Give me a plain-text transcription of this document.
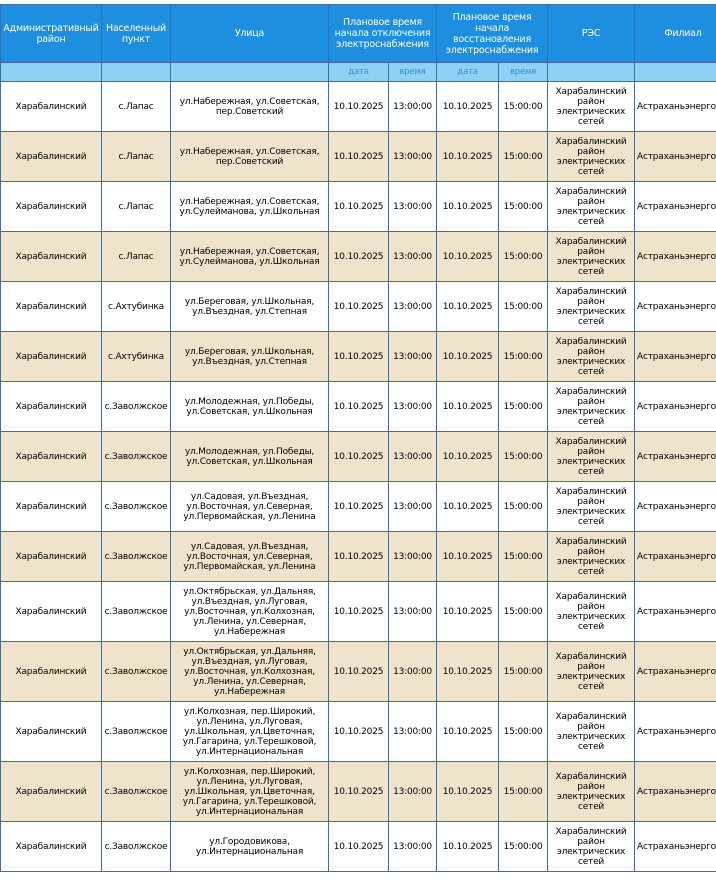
Административный район	Населенный пункт	Улица	Плановое время начала отключения электроснабжения		Плановое время начала восстановления электроснабжения		РЭС	Филиал
			дата	время	дата	время		
Харабалинский	с.Лапас	ул.Набережная, ул.Советская, пер.Советский	10.10.2025	13:00:00	10.10.2025	15:00:00	Харабалинский район электрических сетей	Астраханьэнерго
Харабалинский	с.Лапас	ул.Набережная, ул.Советская, пер.Советский	10.10.2025	13:00:00	10.10.2025	15:00:00	Харабалинский район электрических сетей	Астраханьэнерго
Харабалинский	с.Лапас	ул.Набережная, ул.Советская, ул.Сулейманова, ул.Школьная	10.10.2025	13:00:00	10.10.2025	15:00:00	Харабалинский район электрических сетей	Астраханьэнерго
Харабалинский	с.Лапас	ул.Набережная, ул.Советская, ул.Сулейманова, ул.Школьная	10.10.2025	13:00:00	10.10.2025	15:00:00	Харабалинский район электрических сетей	Астраханьэнерго
Харабалинский	с.Ахтубинка	ул.Береговая, ул.Школьная, ул.Въездная, ул.Степная	10.10.2025	13:00:00	10.10.2025	15:00:00	Харабалинский район электрических сетей	Астраханьэнерго
Харабалинский	с.Ахтубинка	ул.Береговая, ул.Школьная, ул.Въездная, ул.Степная	10.10.2025	13:00:00	10.10.2025	15:00:00	Харабалинский район электрических сетей	Астраханьэнерго
Харабалинский	с.Заволжское	ул.Молодежная, ул.Победы, ул.Советская, ул.Школьная	10.10.2025	13:00:00	10.10.2025	15:00:00	Харабалинский район электрических сетей	Астраханьэнерго
Харабалинский	с.Заволжское	ул.Молодежная, ул.Победы, ул.Советская, ул.Школьная	10.10.2025	13:00:00	10.10.2025	15:00:00	Харабалинский район электрических сетей	Астраханьэнерго
Харабалинский	с.Заволжское	ул.Садовая, ул.Въездная, ул.Восточная, ул.Северная, ул.Первомайская, ул.Ленина	10.10.2025	13:00:00	10.10.2025	15:00:00	Харабалинский район электрических сетей	Астраханьэнерго
Харабалинский	с.Заволжское	ул.Садовая, ул.Въездная, ул.Восточная, ул.Северная, ул.Первомайская, ул.Ленина	10.10.2025	13:00:00	10.10.2025	15:00:00	Харабалинский район электрических сетей	Астраханьэнерго
Харабалинский	с.Заволжское	ул.Октябрьская, ул.Дальняя, ул.Въездная, ул.Луговая, ул.Восточная, ул.Колхозная, ул.Ленина, ул.Северная, ул.Набережная	10.10.2025	13:00:00	10.10.2025	15:00:00	Харабалинский район электрических сетей	Астраханьэнерго
Харабалинский	с.Заволжское	ул.Октябрьская, ул.Дальняя, ул.Въездная, ул.Луговая, ул.Восточная, ул.Колхозная, ул.Ленина, ул.Северная, ул.Набережная	10.10.2025	13:00:00	10.10.2025	15:00:00	Харабалинский район электрических сетей	Астраханьэнерго
Харабалинский	с.Заволжское	ул.Колхозная, пер.Широкий, ул.Ленина, ул.Луговая, ул.Школьная, ул.Цветочная, ул.Гагарина, ул.Терешковой, ул.Интернациональная	10.10.2025	13:00:00	10.10.2025	15:00:00	Харабалинский район электрических сетей	Астраханьэнерго
Харабалинский	с.Заволжское	ул.Колхозная, пер.Широкий, ул.Ленина, ул.Луговая, ул.Школьная, ул.Цветочная, ул.Гагарина, ул.Терешковой, ул.Интернациональная	10.10.2025	13:00:00	10.10.2025	15:00:00	Харабалинский район электрических сетей	Астраханьэнерго
Харабалинский	с.Заволжское	ул.Городовикова, ул.Интернациональная	10.10.2025	13:00:00	10.10.2025	15:00:00	Харабалинский район электрических сетей	Астраханьэнерго
